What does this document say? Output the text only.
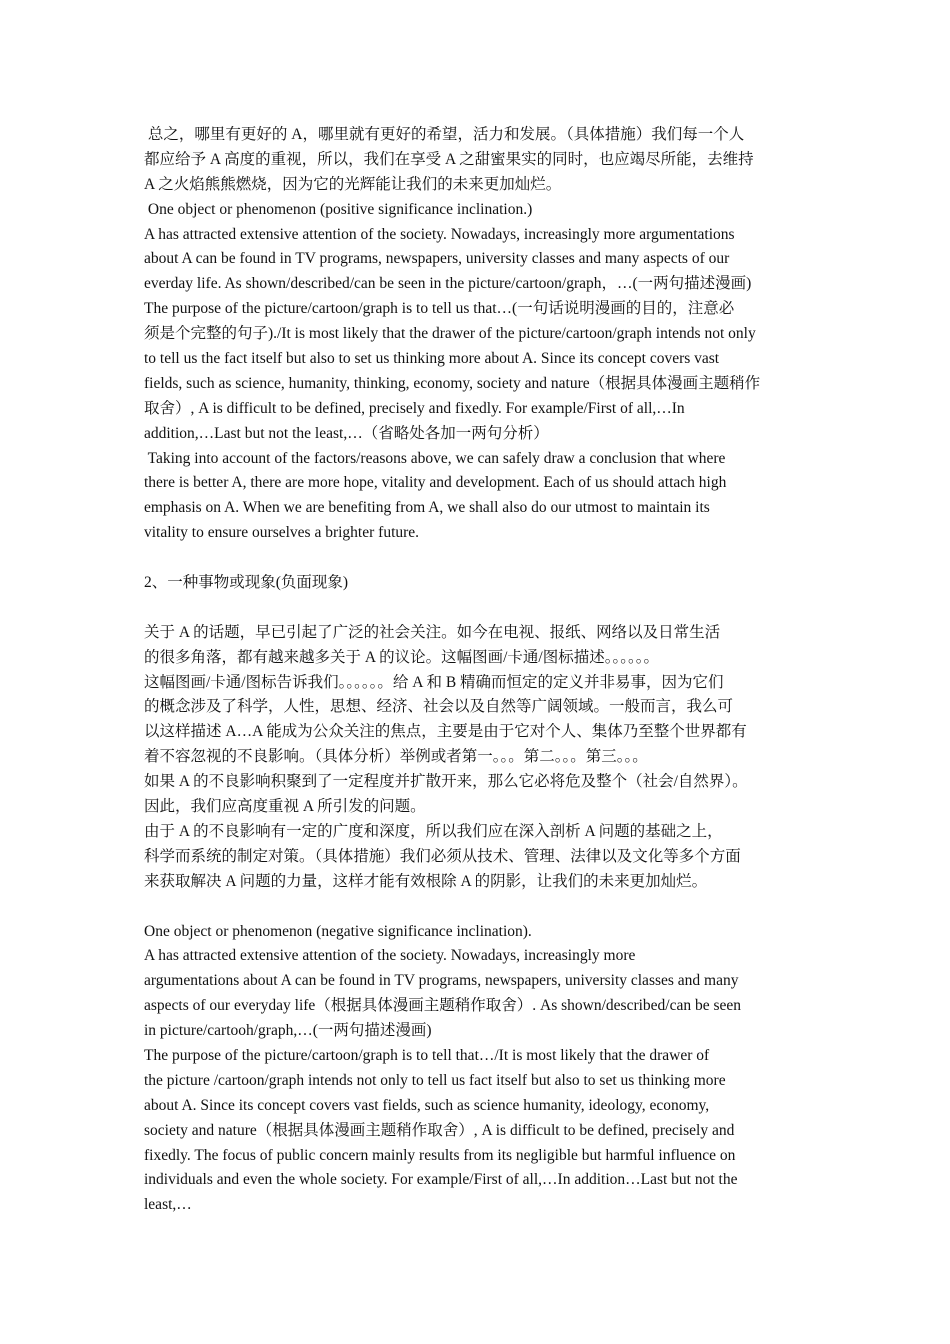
总之，哪里有更好的 A，哪里就有更好的希望，活力和发展。（具体措施）我们每一个人
都应给予 A 高度的重视，所以，我们在享受 A 之甜蜜果实的同时，也应竭尽所能，去维持
A 之火焰熊熊燃烧，因为它的光辉能让我们的未来更加灿烂。
One object or phenomenon (positive significance inclination.)
A has attracted extensive attention of the society. Nowadays, increasingly more argumentations
about A can be found in TV programs, newspapers, university classes and many aspects of our
everday life. As shown/described/can be seen in the picture/cartoon/graph，…(一两句描述漫画)
The purpose of the picture/cartoon/graph is to tell us that…(一句话说明漫画的目的，注意必
须是个完整的句子)./It is most likely that the drawer of the picture/cartoon/graph intends not only
to tell us the fact itself but also to set us thinking more about A. Since its concept covers vast
fields, such as science, humanity, thinking, economy, society and nature（根据具体漫画主题稍作
取舍）, A is difficult to be defined, precisely and fixedly. For example/First of all,…In
addition,…Last but not the least,…（省略处各加一两句分析）
Taking into account of the factors/reasons above, we can safely draw a conclusion that where
there is better A, there are more hope, vitality and development. Each of us should attach high
emphasis on A. When we are benefiting from A, we shall also do our utmost to maintain its
vitality to ensure ourselves a brighter future.
2、一种事物或现象(负面现象)
关于 A 的话题，早已引起了广泛的社会关注。如今在电视、报纸、网络以及日常生活
的很多角落，都有越来越多关于 A 的议论。这幅图画/卡通/图标描述。。。。。。
这幅图画/卡通/图标告诉我们。。。。。。给 A 和 B 精确而恒定的定义并非易事，因为它们
的概念涉及了科学，人性，思想、经济、社会以及自然等广阔领域。一般而言，我么可
以这样描述 A…A 能成为公众关注的焦点，主要是由于它对个人、集体乃至整个世界都有
着不容忽视的不良影响。（具体分析）举例或者第一。。。第二。。。第三。。。
如果 A 的不良影响积聚到了一定程度并扩散开来，那么它必将危及整个（社会/自然界）。
因此，我们应高度重视 A 所引发的问题。
由于 A 的不良影响有一定的广度和深度，所以我们应在深入剖析 A 问题的基础之上，
科学而系统的制定对策。（具体措施）我们必须从技术、管理、法律以及文化等多个方面
来获取解决 A 问题的力量，这样才能有效根除 A 的阴影，让我们的未来更加灿烂。
One object or phenomenon (negative significance inclination).
A has attracted extensive attention of the society. Nowadays, increasingly more
argumentations about A can be found in TV programs, newspapers, university classes and many
aspects of our everyday life（根据具体漫画主题稍作取舍）. As shown/described/can be seen
in picture/cartooh/graph,…(一两句描述漫画)
The purpose of the picture/cartoon/graph is to tell that…/It is most likely that the drawer of
the picture /cartoon/graph intends not only to tell us fact itself but also to set us thinking more
about A. Since its concept covers vast fields, such as science humanity, ideology, economy,
society and nature（根据具体漫画主题稍作取舍）, A is difficult to be defined, precisely and
fixedly. The focus of public concern mainly results from its negligible but harmful influence on
individuals and even the whole society. For example/First of all,…In addition…Last but not the
least,…
